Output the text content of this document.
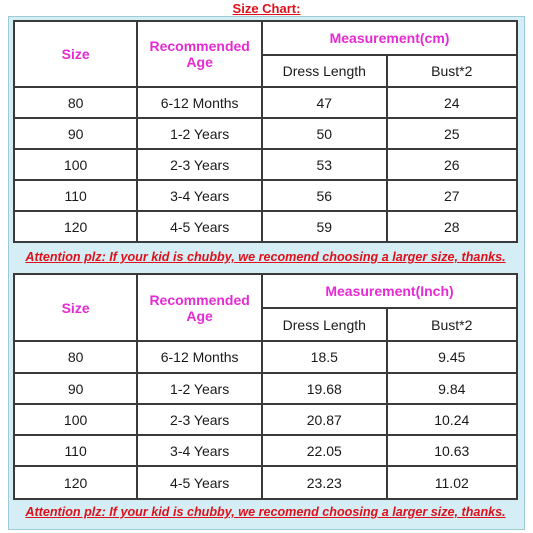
Size Chart:
Size	Recommended Age	Measurement(cm)	
		Dress Length	Bust*2
80	6-12 Months	47	24
90	1-2 Years	50	25
100	2-3 Years	53	26
110	3-4 Years	56	27
120	4-5 Years	59	28
Attention plz: If your kid is chubby, we recomend choosing a larger size, thanks.
Size	Recommended Age	Measurement(Inch)	
		Dress Length	Bust*2
80	6-12 Months	18.5	9.45
90	1-2 Years	19.68	9.84
100	2-3 Years	20.87	10.24
110	3-4 Years	22.05	10.63
120	4-5 Years	23.23	11.02
Attention plz: If your kid is chubby, we recomend choosing a larger size, thanks.
